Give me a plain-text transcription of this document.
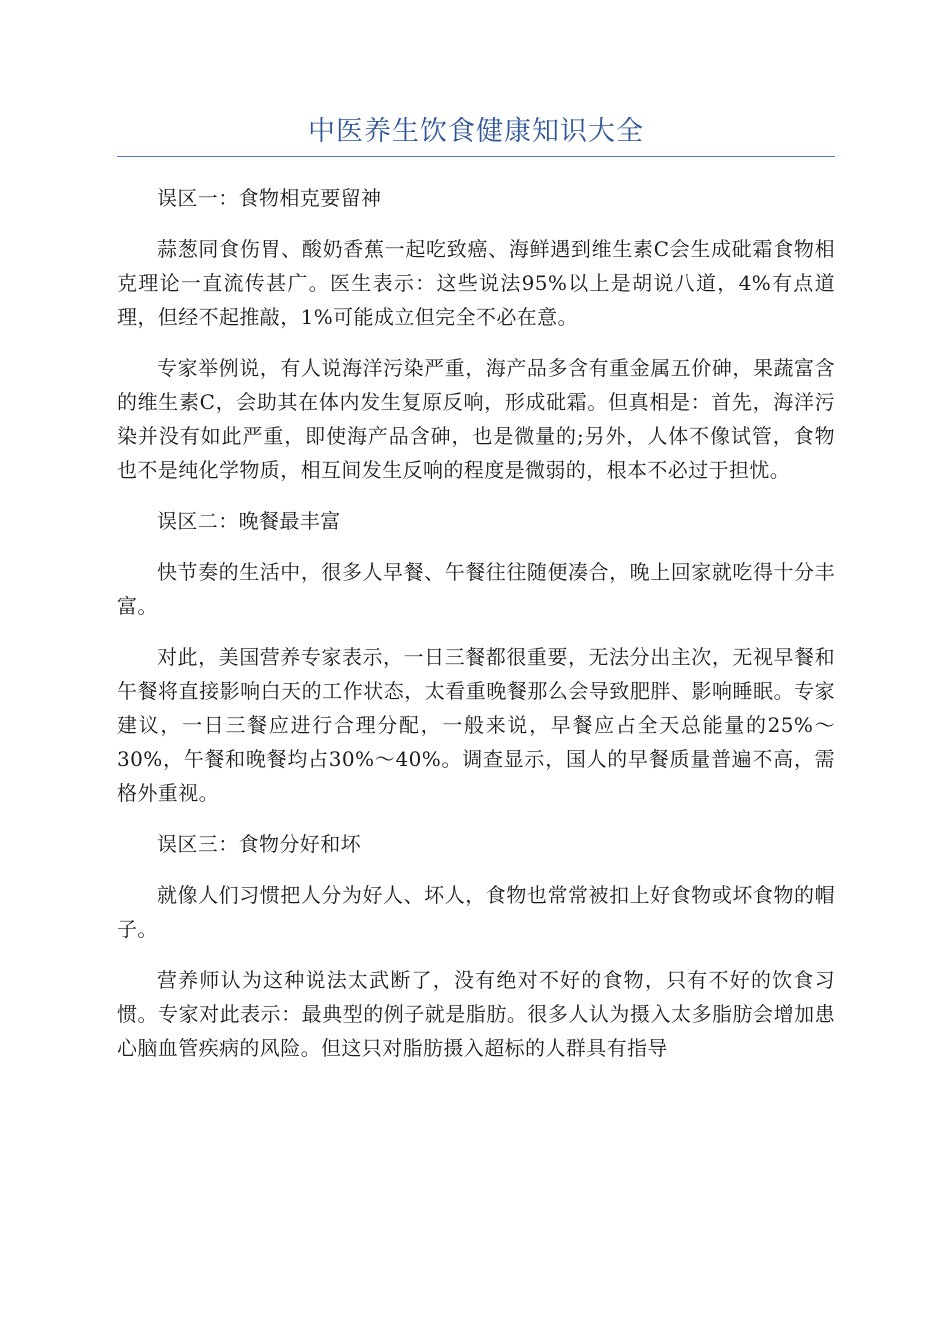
中医养生饮食健康知识大全

误区一：食物相克要留神

蒜葱同食伤胃、酸奶香蕉一起吃致癌、海鲜遇到维生素C会生成砒霜食物相克理论一直流传甚广。医生表示：这些说法95%以上是胡说八道，4%有点道理，但经不起推敲，1%可能成立但完全不必在意。

专家举例说，有人说海洋污染严重，海产品多含有重金属五价砷，果蔬富含的维生素C，会助其在体内发生复原反响，形成砒霜。但真相是：首先，海洋污染并没有如此严重，即使海产品含砷，也是微量的;另外，人体不像试管，食物也不是纯化学物质，相互间发生反响的程度是微弱的，根本不必过于担忧。

误区二：晚餐最丰富

快节奏的生活中，很多人早餐、午餐往往随便凑合，晚上回家就吃得十分丰富。

对此，美国营养专家表示，一日三餐都很重要，无法分出主次，无视早餐和午餐将直接影响白天的工作状态，太看重晚餐那么会导致肥胖、影响睡眠。专家建议，一日三餐应进行合理分配，一般来说，早餐应占全天总能量的25%～30%，午餐和晚餐均占30%～40%。调查显示，国人的早餐质量普遍不高，需格外重视。

误区三：食物分好和坏

就像人们习惯把人分为好人、坏人，食物也常常被扣上好食物或坏食物的帽子。

营养师认为这种说法太武断了，没有绝对不好的食物，只有不好的饮食习惯。专家对此表示：最典型的例子就是脂肪。很多人认为摄入太多脂肪会增加患心脑血管疾病的风险。但这只对脂肪摄入超标的人群具有指导
